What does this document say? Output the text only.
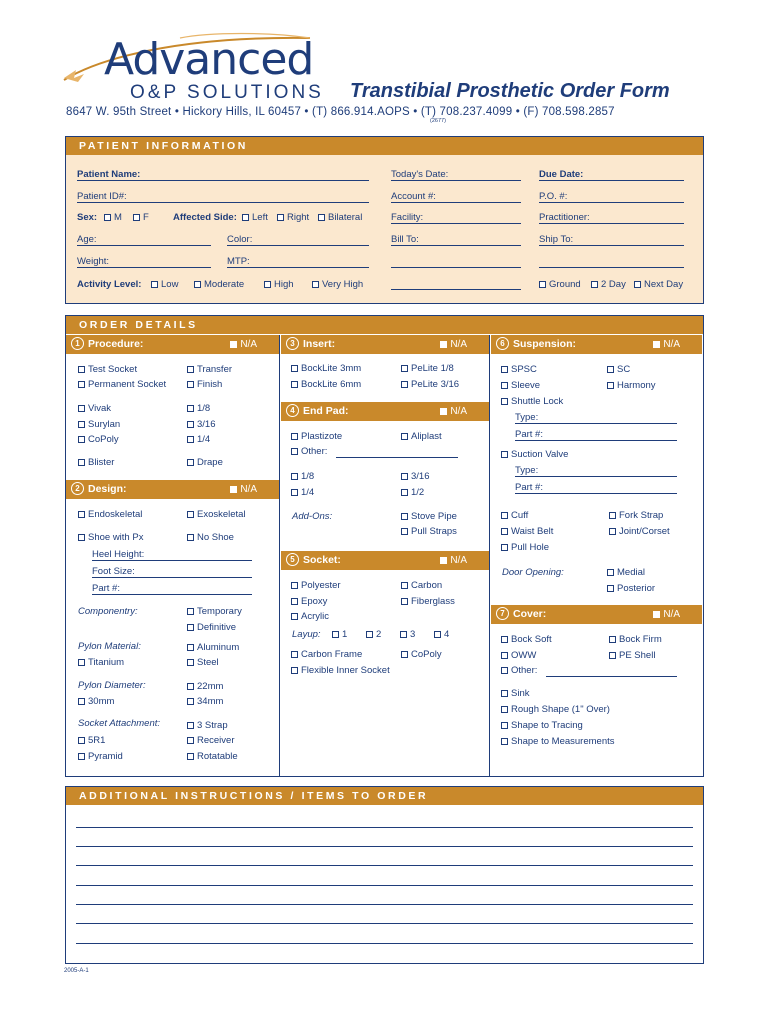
Advanced
O&P SOLUTIONS Transtibial Prosthetic Order Form
8647 W. 95th Street • Hickory Hills, IL 60457 • (T) 866.914.AOPS • (T) 708.237.4099 • (F) 708.598.2857
(2677)
PATIENT INFORMATION
Patient Name:
Patient ID#:
Sex:	M	F	Affected Side:	Left	Right	Bilateral
Age:	Color:
Weight:	MTP:
Activity Level:	Low	Moderate	High	Very High
Today's Date:
Account #:
Facility:
Bill To:
Due Date:
P.O. #:
Practitioner:
Ship To:
Ground	2 Day	Next Day
ORDER DETAILS
1 Procedure:	N/A
Test Socket	Transfer
Permanent Socket	Finish
Vivak	1/8
Surylan	3/16
CoPoly	1/4
Blister	Drape
2 Design:	N/A
Endoskeletal	Exoskeletal
Shoe with Px	No Shoe
Heel Height:
Foot Size:
Part #:
Componentry:	Temporary
Definitive
Pylon Material:	Aluminum
Titanium	Steel
Pylon Diameter:	22mm
30mm	34mm
Socket Attachment:	3 Strap
5R1	Receiver
Pyramid	Rotatable
3 Insert:	N/A
BockLite 3mm	PeLite 1/8
BockLite 6mm	PeLite 3/16
4 End Pad:	N/A
Plastizote	Aliplast
Other:
1/8	3/16
1/4	1/2
Add-Ons:	Stove Pipe
Pull Straps
5 Socket:	N/A
Polyester	Carbon
Epoxy	Fiberglass
Acrylic
Layup:	1	2	3	4
Carbon Frame	CoPoly
Flexible Inner Socket
6 Suspension:	N/A
SPSC	SC
Sleeve	Harmony
Shuttle Lock
Type:
Part #:
Suction Valve
Type:
Part #:
Cuff	Fork Strap
Waist Belt	Joint/Corset
Pull Hole
Door Opening:	Medial
Posterior
7 Cover:	N/A
Bock Soft	Bock Firm
OWW	PE Shell
Other:
Sink
Rough Shape (1" Over)
Shape to Tracing
Shape to Measurements
ADDITIONAL INSTRUCTIONS / ITEMS TO ORDER
2005-A-1
